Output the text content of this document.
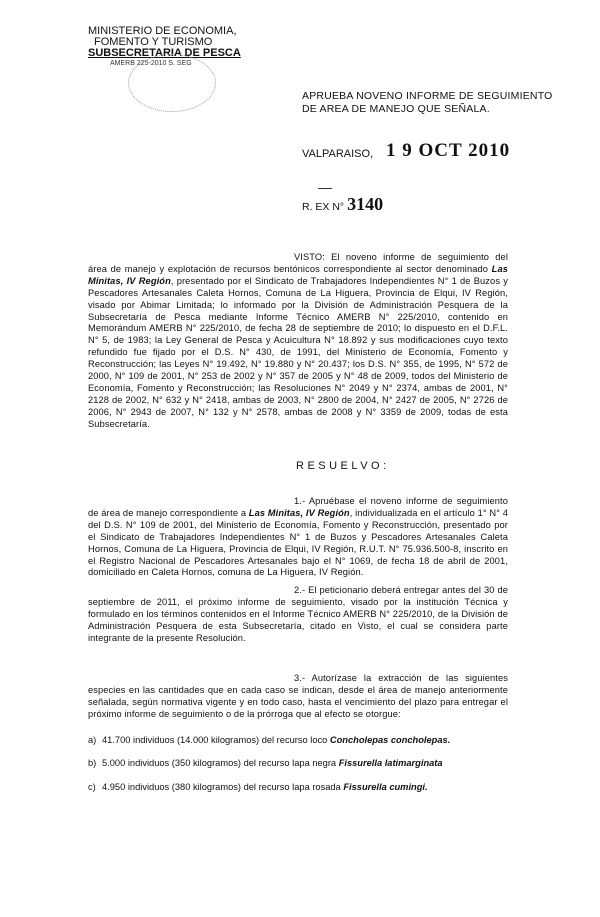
MINISTERIO DE ECONOMIA,
FOMENTO Y TURISMO
SUBSECRETARIA DE PESCA
AMERB 225-2010 S. SEG
APRUEBA NOVENO INFORME DE SEGUIMIENTO
DE AREA DE MANEJO QUE SEÑALA.
VALPARAISO, 1 9 OCT 2010
R. EX N° 3140
VISTO: El noveno informe de seguimiento del área de manejo y explotación de recursos bentónicos correspondiente al sector denominado Las Minitas, IV Región, presentado por el Sindicato de Trabajadores Independientes N° 1 de Buzos y Pescadores Artesanales Caleta Hornos, Comuna de La Higuera, Provincia de Elqui, IV Región, visado por Abimar Limitada; lo informado por la División de Administración Pesquera de la Subsecretaría de Pesca mediante Informe Técnico AMERB N° 225/2010, contenido en Memorándum AMERB N° 225/2010, de fecha 28 de septiembre de 2010; lo dispuesto en el D.F.L. N° 5, de 1983; la Ley General de Pesca y Acuicultura N° 18.892 y sus modificaciones cuyo texto refundido fue fijado por el D.S. N° 430, de 1991, del Ministerio de Economía, Fomento y Reconstrucción; las Leyes N° 19.492, N° 19.880 y N° 20.437; los D.S. N° 355, de 1995, N° 572 de 2000, N° 109 de 2001, N° 253 de 2002 y N° 357 de 2005 y N° 48 de 2009, todos del Ministerio de Economía, Fomento y Reconstrucción; las Resoluciones N° 2049 y N° 2374, ambas de 2001, N° 2128 de 2002, N° 632 y N° 2418, ambas de 2003, N° 2800 de 2004, N° 2427 de 2005, N° 2726 de 2006, N° 2943 de 2007, N° 132 y N° 2578, ambas de 2008 y N° 3359 de 2009, todas de esta Subsecretaría.
RESUELVO:
1.- Apruébase el noveno informe de seguimiento de área de manejo correspondiente a Las Minitas, IV Región, individualizada en el artículo 1° N° 4 del D.S. N° 109 de 2001, del Ministerio de Economía, Fomento y Reconstrucción, presentado por el Sindicato de Trabajadores Independientes N° 1 de Buzos y Pescadores Artesanales Caleta Hornos, Comuna de La Higuera, Provincia de Elqui, IV Región, R.U.T. N° 75.936.500-8, inscrito en el Registro Nacional de Pescadores Artesanales bajo el N° 1069, de fecha 18 de abril de 2001, domiciliado en Caleta Hornos, comuna de La Higuera, IV Región.
2.- El peticionario deberá entregar antes del 30 de septiembre de 2011, el próximo informe de seguimiento, visado por la institución Técnica y formulado en los términos contenidos en el Informe Técnico AMERB N° 225/2010, de la División de Administración Pesquera de esta Subsecretaría, citado en Visto, el cual se considera parte integrante de la presente Resolución.
3.- Autorízase la extracción de las siguientes especies en las cantidades que en cada caso se indican, desde el área de manejo anteriormente señalada, según normativa vigente y en todo caso, hasta el vencimiento del plazo para entregar el próximo informe de seguimiento o de la prórroga que al efecto se otorgue:
a) 41.700 individuos (14.000 kilogramos) del recurso loco Concholepas concholepas.
b) 5.000 individuos (350 kilogramos) del recurso lapa negra Fissurella latimarginata
c) 4.950 individuos (380 kilogramos) del recurso lapa rosada Fissurella cumingi.
